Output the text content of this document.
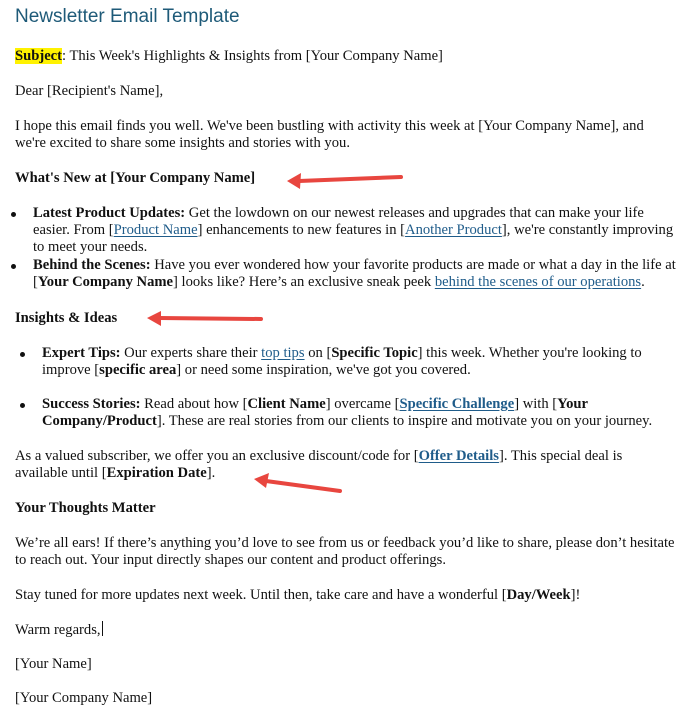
Newsletter Email Template
Subject: This Week's Highlights & Insights from [Your Company Name]
Dear [Recipient's Name],
I hope this email finds you well. We've been bustling with activity this week at [Your Company Name], and
we're excited to share some insights and stories with you.
What's New at [Your Company Name]
Latest Product Updates: Get the lowdown on our newest releases and upgrades that can make your life
easier. From [Product Name] enhancements to new features in [Another Product], we're constantly improving
to meet your needs.
Behind the Scenes: Have you ever wondered how your favorite products are made or what a day in the life at
[Your Company Name] looks like? Here’s an exclusive sneak peek behind the scenes of our operations.
Insights & Ideas
Expert Tips: Our experts share their top tips on [Specific Topic] this week. Whether you're looking to
improve [specific area] or need some inspiration, we've got you covered.
Success Stories: Read about how [Client Name] overcame [Specific Challenge] with [Your
Company/Product]. These are real stories from our clients to inspire and motivate you on your journey.
As a valued subscriber, we offer you an exclusive discount/code for [Offer Details]. This special deal is
available until [Expiration Date].
Your Thoughts Matter
We’re all ears! If there’s anything you’d love to see from us or feedback you’d like to share, please don’t hesitate
to reach out. Your input directly shapes our content and product offerings.
Stay tuned for more updates next week. Until then, take care and have a wonderful [Day/Week]!
Warm regards,
[Your Name]
[Your Company Name]
